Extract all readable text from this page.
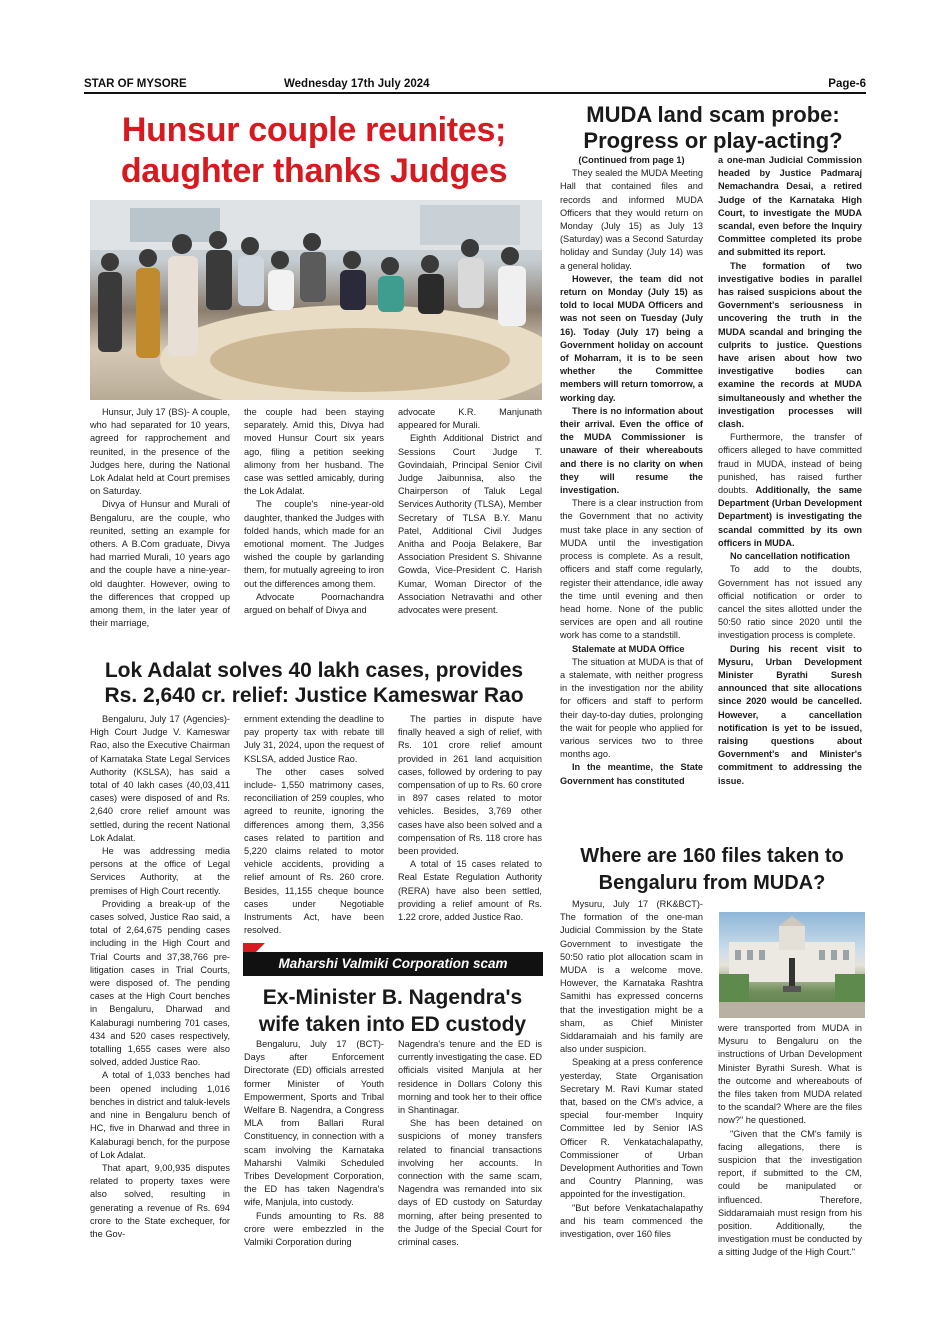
STAR OF MYSORE	Wednesday 17th July 2024	Page-6
Hunsur couple reunites; daughter thanks Judges

Hunsur, July 17 (BS)- A couple, who had separated for 10 years, agreed for rapprochement and reunited, in the presence of the Judges here, during the National Lok Adalat held at Court premises on Saturday.

Divya of Hunsur and Murali of Bengaluru, are the couple, who reunited, setting an example for others. A B.Com graduate, Divya had married Murali, 10 years ago and the couple have a nine-year-old daughter. However, owing to the differences that cropped up among them, in the later year of their marriage,

the couple had been staying separately. Amid this, Divya had moved Hunsur Court six years ago, filing a petition seeking alimony from her husband. The case was settled amicably, during the Lok Adalat.

The couple's nine-year-old daughter, thanked the Judges with folded hands, which made for an emotional moment. The Judges wished the couple by garlanding them, for mutually agreeing to iron out the differences among them.

Advocate Poornachandra argued on behalf of Divya and

advocate K.R. Manjunath appeared for Murali.

Eighth Additional District and Sessions Court Judge T. Govindaiah, Principal Senior Civil Judge Jaibunnisa, also the Chairperson of Taluk Legal Services Authority (TLSA), Member Secretary of TLSA B.Y. Manu Patel, Additional Civil Judges Anitha and Pooja Belakere, Bar Association President S. Shivanne Gowda, Vice-President C. Harish Kumar, Woman Director of the Association Netravathi and other advocates were present.

Lok Adalat solves 40 lakh cases, provides
Rs. 2,640 cr. relief: Justice Kameswar Rao

Bengaluru, July 17 (Agencies)- High Court Judge V. Kameswar Rao, also the Executive Chairman of Karnataka State Legal Services Authority (KSLSA), has said a total of 40 lakh cases (40,03,411 cases) were disposed of and Rs. 2,640 crore relief amount was settled, during the recent National Lok Adalat.

He was addressing media persons at the office of Legal Services Authority, at the premises of High Court recently.

Providing a break-up of the cases solved, Justice Rao said, a total of 2,64,675 pending cases including in the High Court and Trial Courts and 37,38,766 pre-litigation cases in Trial Courts, were disposed of. The pending cases at the High Court benches in Bengaluru, Dharwad and Kalaburagi numbering 701 cases, 434 and 520 cases respectively, totalling 1,655 cases were also solved, added Justice Rao.

A total of 1,033 benches had been opened including 1,016 benches in district and taluk-levels and nine in Bengaluru bench of HC, five in Dharwad and three in Kalaburagi bench, for the purpose of Lok Adalat.

That apart, 9,00,935 disputes related to property taxes were also solved, resulting in generating a revenue of Rs. 694 crore to the State exchequer, for the Gov-

ernment extending the deadline to pay property tax with rebate till July 31, 2024, upon the request of KSLSA, added Justice Rao.

The other cases solved include- 1,550 matrimony cases, reconciliation of 259 couples, who agreed to reunite, ignoring the differences among them, 3,356 cases related to partition and 5,220 claims related to motor vehicle accidents, providing a relief amount of Rs. 260 crore. Besides, 11,155 cheque bounce cases under Negotiable Instruments Act, have been resolved.

The parties in dispute have finally heaved a sigh of relief, with Rs. 101 crore relief amount provided in 261 land acquisition cases, followed by ordering to pay compensation of up to Rs. 60 crore in 897 cases related to motor vehicles. Besides, 3,769 other cases have also been solved and a compensation of Rs. 118 crore has been provided.

A total of 15 cases related to Real Estate Regulation Authority (RERA) have also been settled, providing a relief amount of Rs. 1.22 crore, added Justice Rao.

Maharshi Valmiki Corporation scam
Ex-Minister B. Nagendra's
wife taken into ED custody

Bengaluru, July 17 (BCT)- Days after Enforcement Directorate (ED) officials arrested former Minister of Youth Empowerment, Sports and Tribal Welfare B. Nagendra, a Congress MLA from Ballari Rural Constituency, in connection with a scam involving the Karnataka Maharshi Valmiki Scheduled Tribes Development Corporation, the ED has taken Nagendra's wife, Manjula, into custody.

Funds amounting to Rs. 88 crore were embezzled in the Valmiki Corporation during

Nagendra's tenure and the ED is currently investigating the case. ED officials visited Manjula at her residence in Dollars Colony this morning and took her to their office in Shantinagar.

She has been detained on suspicions of money transfers related to financial transactions involving her accounts. In connection with the same scam, Nagendra was remanded into six days of ED custody on Saturday morning, after being presented to the Judge of the Special Court for criminal cases.

MUDA land scam probe:
Progress or play-acting?

(Continued from page 1)

They sealed the MUDA Meeting Hall that contained files and records and informed MUDA Officers that they would return on Monday (July 15) as July 13 (Saturday) was a Second Saturday holiday and Sunday (July 14) was a general holiday.

However, the team did not return on Monday (July 15) as told to local MUDA Officers and was not seen on Tuesday (July 16). Today (July 17) being a Government holiday on account of Moharram, it is to be seen whether the Committee members will return tomorrow, a working day.

There is no information about their arrival. Even the office of the MUDA Commissioner is unaware of their whereabouts and there is no clarity on when they will resume the investigation.

There is a clear instruction from the Government that no activity must take place in any section of MUDA until the investigation process is complete. As a result, officers and staff come regularly, register their attendance, idle away the time until evening and then head home. None of the public services are open and all routine work has come to a standstill.

Stalemate at MUDA Office

The situation at MUDA is that of a stalemate, with neither progress in the investigation nor the ability for officers and staff to perform their day-to-day duties, prolonging the wait for people who applied for various services two to three months ago.

In the meantime, the State Government has constituted

a one-man Judicial Commission headed by Justice Padmaraj Nemachandra Desai, a retired Judge of the Karnataka High Court, to investigate the MUDA scandal, even before the Inquiry Committee completed its probe and submitted its report.

The formation of two investigative bodies in parallel has raised suspicions about the Government's seriousness in uncovering the truth in the MUDA scandal and bringing the culprits to justice. Questions have arisen about how two investigative bodies can examine the records at MUDA simultaneously and whether the investigation processes will clash.

Furthermore, the transfer of officers alleged to have committed fraud in MUDA, instead of being punished, has raised further doubts. Additionally, the same Department (Urban Development Department) is investigating the scandal committed by its own officers in MUDA.

No cancellation notification

To add to the doubts, Government has not issued any official notification or order to cancel the sites allotted under the 50:50 ratio since 2020 until the investigation process is complete.

During his recent visit to Mysuru, Urban Development Minister Byrathi Suresh announced that site allocations since 2020 would be cancelled. However, a cancellation notification is yet to be issued, raising questions about Government's and Minister's commitment to addressing the issue.

Where are 160 files taken to
Bengaluru from MUDA?

Mysuru, July 17 (RK&BCT)- The formation of the one-man Judicial Commission by the State Government to investigate the 50:50 ratio plot allocation scam in MUDA is a welcome move. However, the Karnataka Rashtra Samithi has expressed concerns that the investigation might be a sham, as Chief Minister Siddaramaiah and his family are also under suspicion.

Speaking at a press conference yesterday, State Organisation Secretary M. Ravi Kumar stated that, based on the CM's advice, a special four-member Inquiry Committee led by Senior IAS Officer R. Venkatachalapathy, Commissioner of Urban Development Authorities and Town and Country Planning, was appointed for the investigation.

"But before Venkatachalapathy and his team commenced the investigation, over 160 files

were transported from MUDA in Mysuru to Bengaluru on the instructions of Urban Development Minister Byrathi Suresh. What is the outcome and whereabouts of the files taken from MUDA related to the scandal? Where are the files now?" he questioned.

"Given that the CM's family is facing allegations, there is suspicion that the investigation report, if submitted to the CM, could be manipulated or influenced. Therefore, Siddaramaiah must resign from his position. Additionally, the investigation must be conducted by a sitting Judge of the High Court."
